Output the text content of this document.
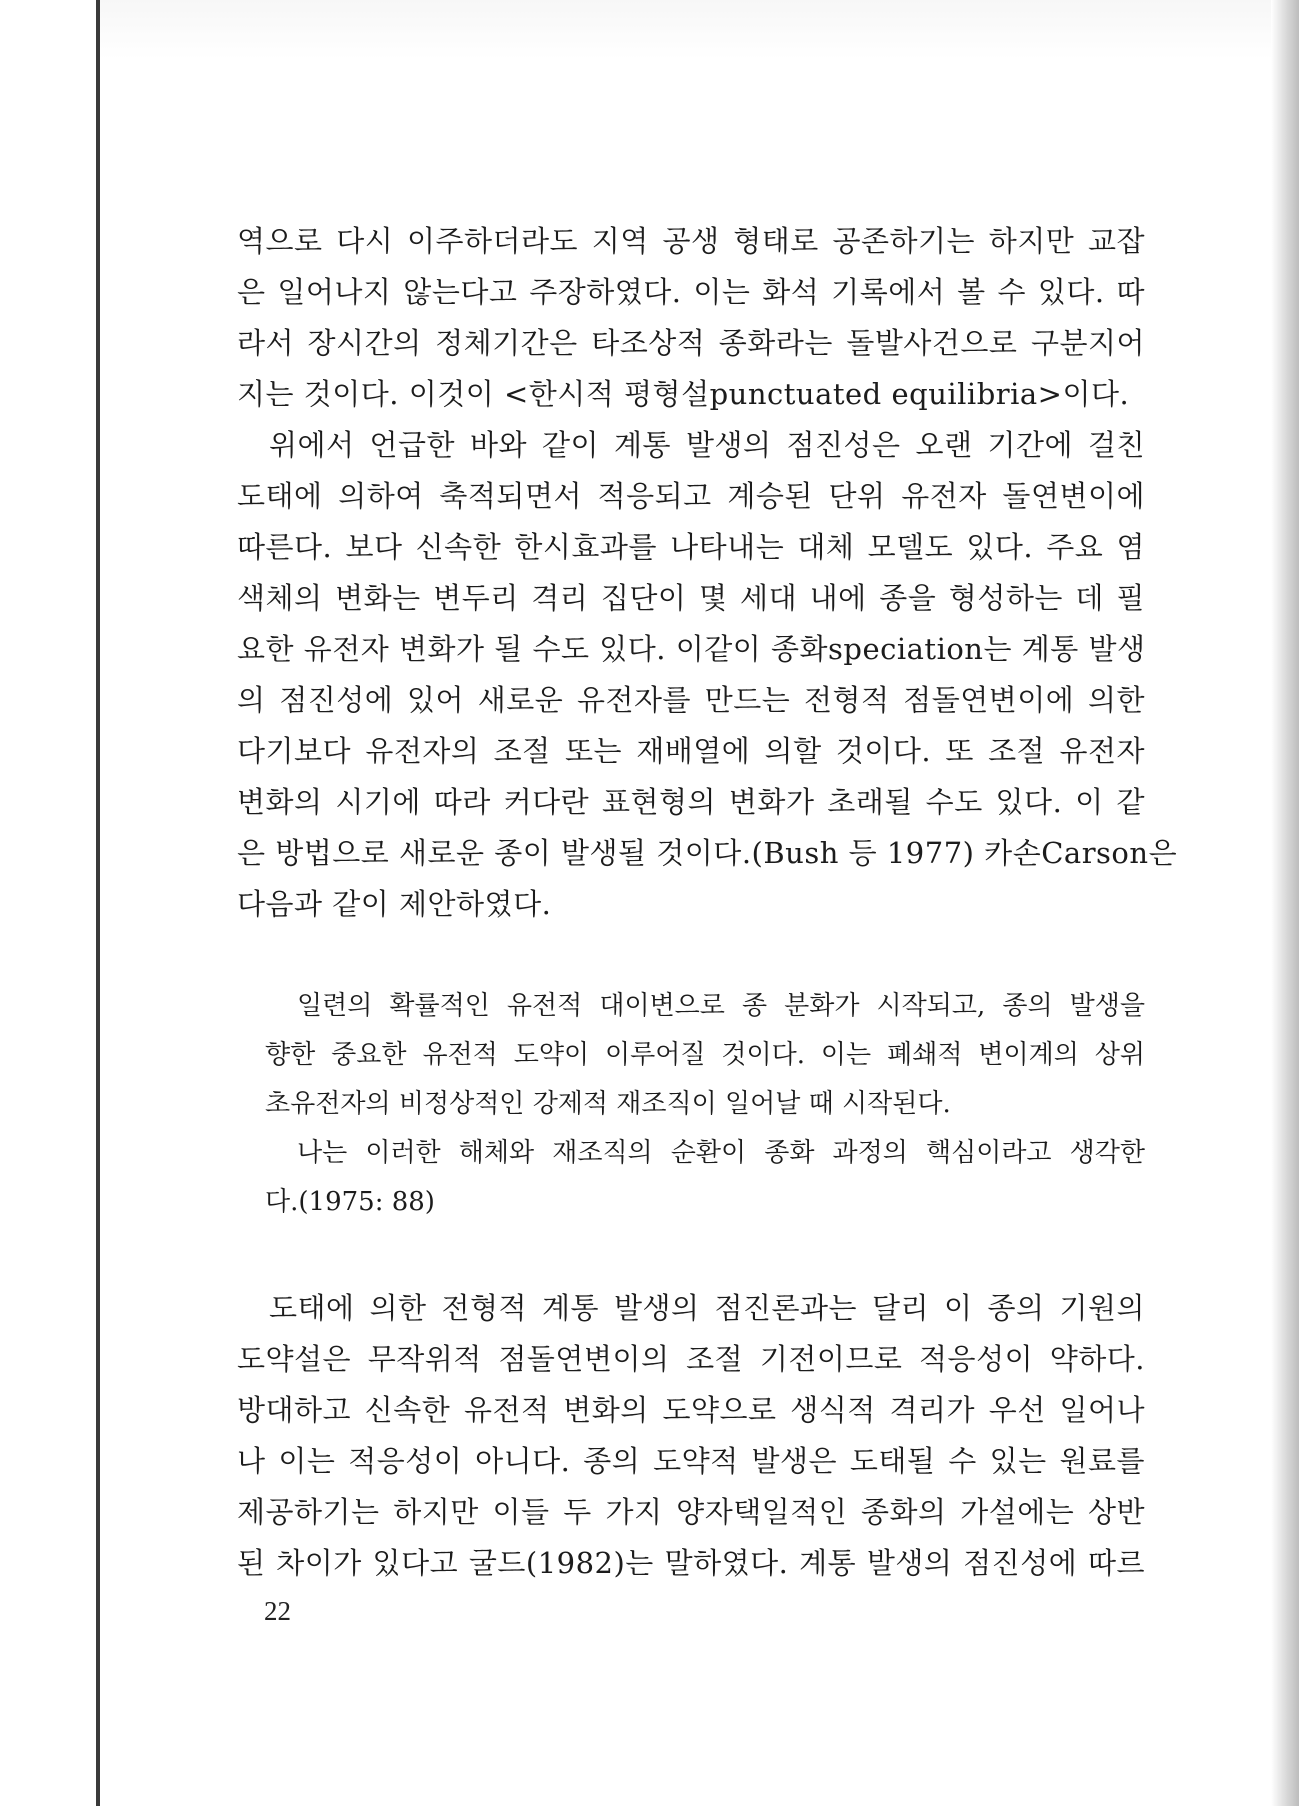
역으로 다시 이주하더라도 지역 공생 형태로 공존하기는 하지만 교잡

은 일어나지 않는다고 주장하였다. 이는 화석 기록에서 볼 수 있다. 따

라서 장시간의 정체기간은 타조상적 종화라는 돌발사건으로 구분지어

지는 것이다. 이것이 <한시적 평형설punctuated equilibria>이다.

위에서 언급한 바와 같이 계통 발생의 점진성은 오랜 기간에 걸친

도태에 의하여 축적되면서 적응되고 계승된 단위 유전자 돌연변이에

따른다. 보다 신속한 한시효과를 나타내는 대체 모델도 있다. 주요 염

색체의 변화는 변두리 격리 집단이 몇 세대 내에 종을 형성하는 데 필

요한 유전자 변화가 될 수도 있다. 이같이 종화speciation는 계통 발생

의 점진성에 있어 새로운 유전자를 만드는 전형적 점돌연변이에 의한

다기보다 유전자의 조절 또는 재배열에 의할 것이다. 또 조절 유전자

변화의 시기에 따라 커다란 표현형의 변화가 초래될 수도 있다. 이 같

은 방법으로 새로운 종이 발생될 것이다.(Bush 등 1977) 카손Carson은

다음과 같이 제안하였다.

일련의 확률적인 유전적 대이변으로 종 분화가 시작되고, 종의 발생을

향한 중요한 유전적 도약이 이루어질 것이다. 이는 폐쇄적 변이계의 상위

초유전자의 비정상적인 강제적 재조직이 일어날 때 시작된다.

나는 이러한 해체와 재조직의 순환이 종화 과정의 핵심이라고 생각한

다.(1975: 88)

도태에 의한 전형적 계통 발생의 점진론과는 달리 이 종의 기원의

도약설은 무작위적 점돌연변이의 조절 기전이므로 적응성이 약하다.

방대하고 신속한 유전적 변화의 도약으로 생식적 격리가 우선 일어나

나 이는 적응성이 아니다. 종의 도약적 발생은 도태될 수 있는 원료를

제공하기는 하지만 이들 두 가지 양자택일적인 종화의 가설에는 상반

된 차이가 있다고 굴드(1982)는 말하였다. 계통 발생의 점진성에 따르

22
